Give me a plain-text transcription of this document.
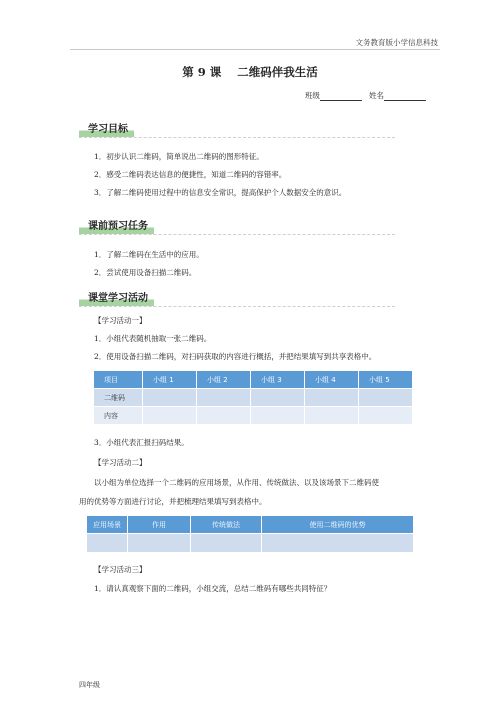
文务教育版小学信息科技
第 9 课 二维码伴我生活
班级	姓名
学习目标
1．初步认识二维码，简单说出二维码的图形特征。
2．感受二维码表达信息的便捷性，知道二维码的容错率。
3．了解二维码使用过程中的信息安全常识，提高保护个人数据安全的意识。
课前预习任务
1．了解二维码在生活中的应用。
2．尝试使用设备扫描二维码。
课堂学习活动
【学习活动一】
1．小组代表随机抽取一张二维码。
2．使用设备扫描二维码，对扫码获取的内容进行概括，并把结果填写到共享表格中。
项目	小组 1	小组 2	小组 3	小组 4	小组 5
二维码					
内容					
3．小组代表汇报扫码结果。
【学习活动二】
以小组为单位选择一个二维码的应用场景，从作用、传统做法、以及该场景下二维码使
用的优势等方面进行讨论，并把梳理结果填写到表格中。
应用场景	作用	传统做法	使用二维码的优势

【学习活动三】
1．请认真观察下面的二维码，小组交流，总结二维码有哪些共同特征？
四年级
